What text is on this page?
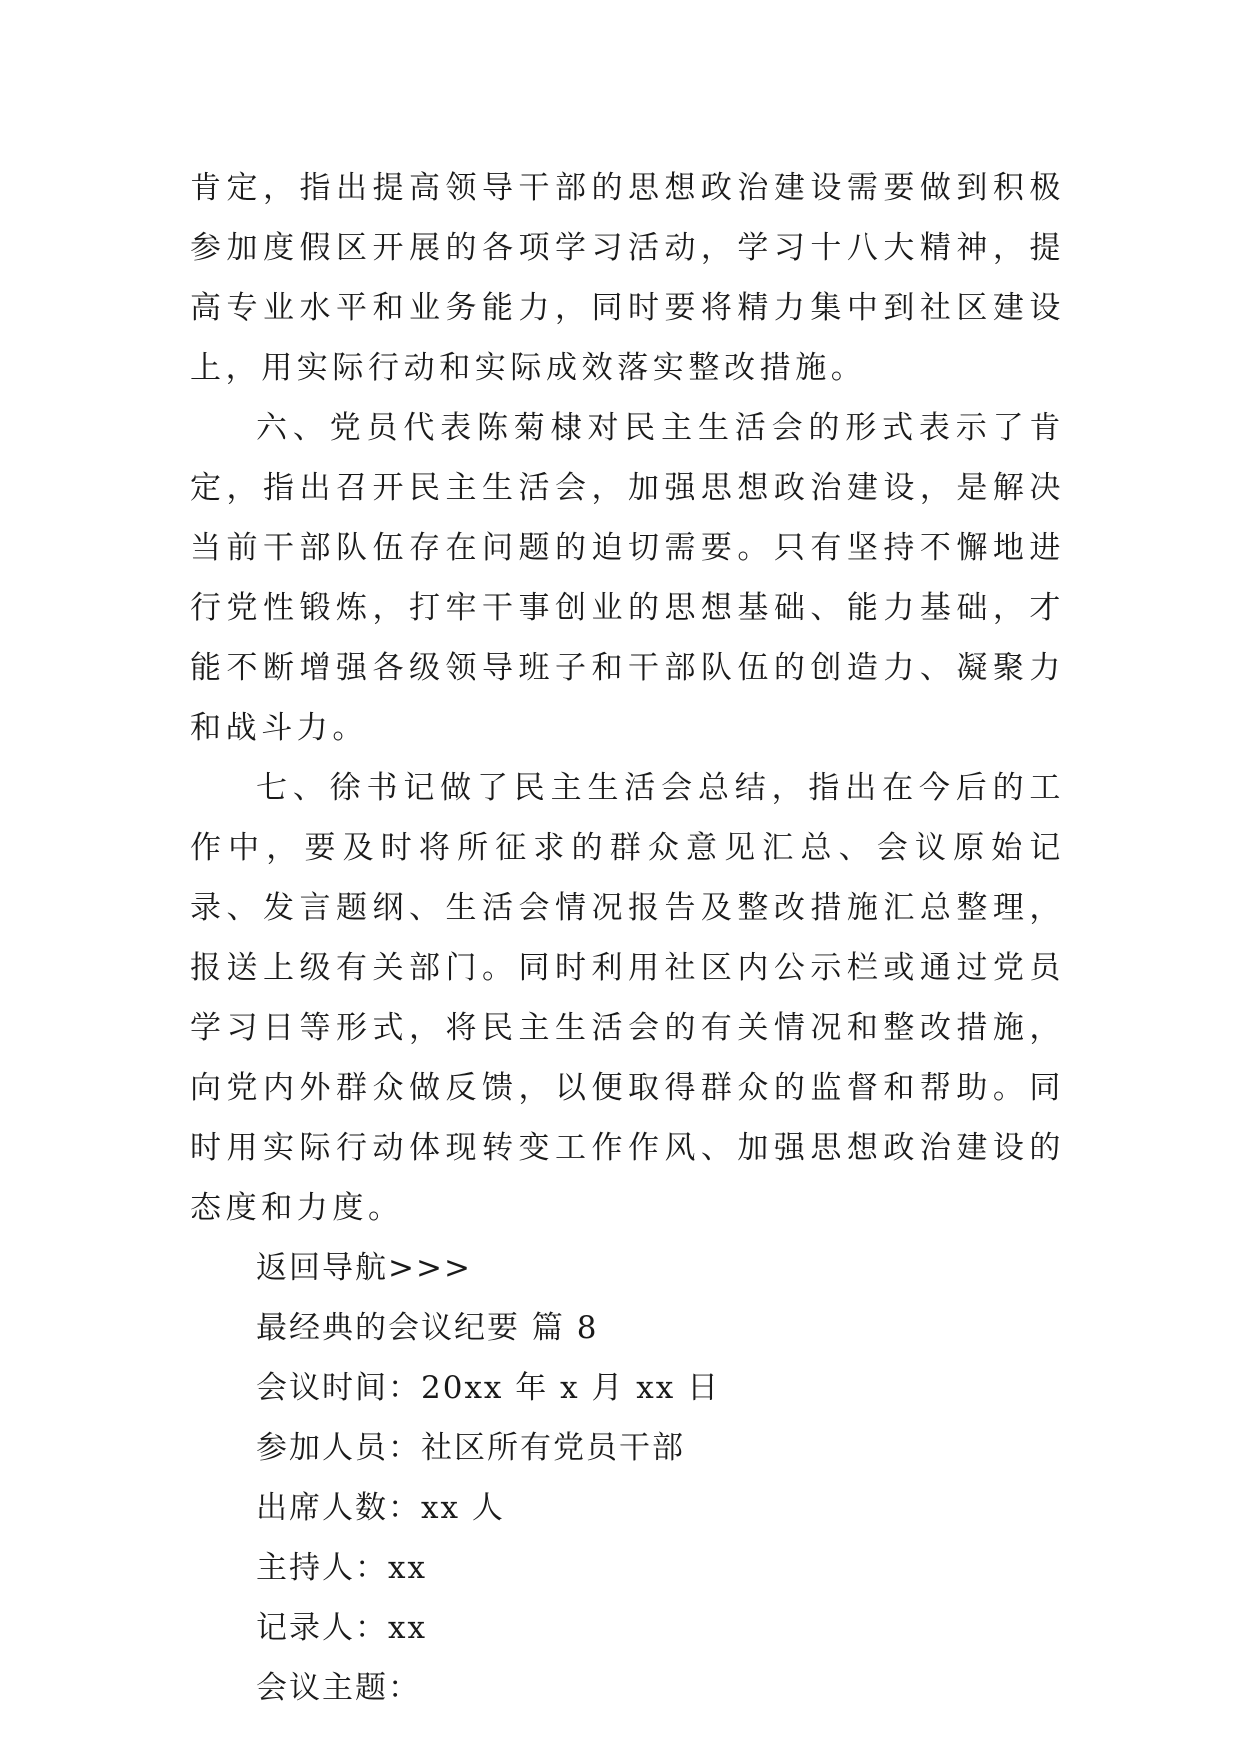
肯定，指出提高领导干部的思想政治建设需要做到积极参加度假区开展的各项学习活动，学习十八大精神，提高专业水平和业务能力，同时要将精力集中到社区建设上，用实际行动和实际成效落实整改措施。

六、党员代表陈菊棣对民主生活会的形式表示了肯定，指出召开民主生活会，加强思想政治建设，是解决当前干部队伍存在问题的迫切需要。只有坚持不懈地进行党性锻炼，打牢干事创业的思想基础、能力基础，才能不断增强各级领导班子和干部队伍的创造力、凝聚力和战斗力。

七、徐书记做了民主生活会总结，指出在今后的工作中，要及时将所征求的群众意见汇总、会议原始记录、发言题纲、生活会情况报告及整改措施汇总整理，报送上级有关部门。同时利用社区内公示栏或通过党员学习日等形式，将民主生活会的有关情况和整改措施，向党内外群众做反馈，以便取得群众的监督和帮助。同时用实际行动体现转变工作作风、加强思想政治建设的态度和力度。

返回导航>>>

最经典的会议纪要 篇 8

会议时间：20xx 年 x 月 xx 日

参加人员：社区所有党员干部

出席人数：xx 人

主持人：xx

记录人：xx

会议主题：
